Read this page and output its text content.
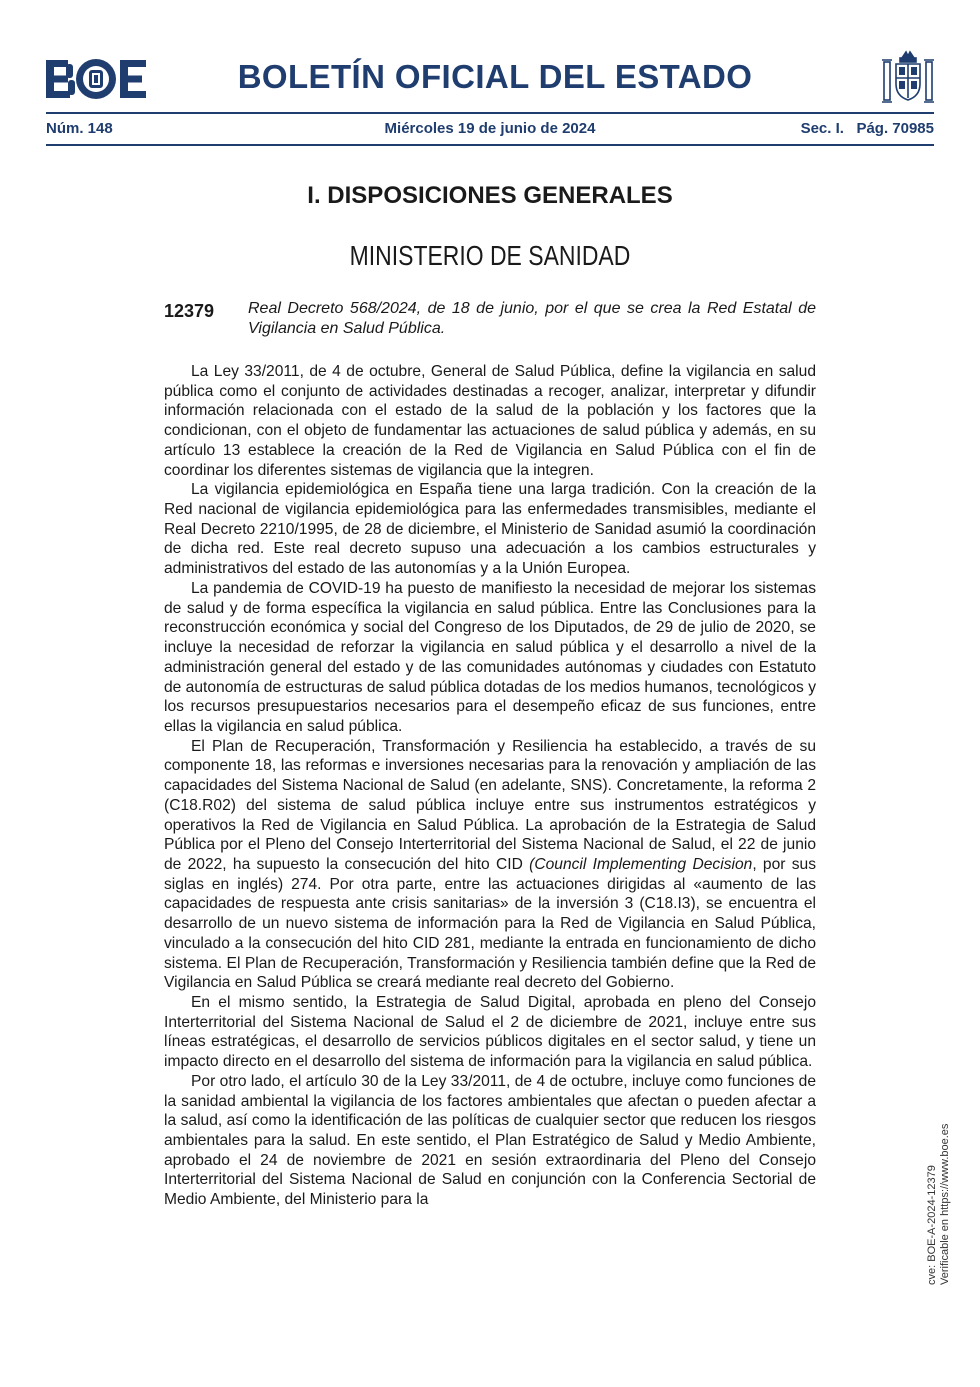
BOLETÍN OFICIAL DEL ESTADO
Núm. 148	Miércoles 19 de junio de 2024	Sec. I.   Pág. 70985
I. DISPOSICIONES GENERALES
MINISTERIO DE SANIDAD
12379 Real Decreto 568/2024, de 18 de junio, por el que se crea la Red Estatal de Vigilancia en Salud Pública.

La Ley 33/2011, de 4 de octubre, General de Salud Pública, define la vigilancia en salud pública como el conjunto de actividades destinadas a recoger, analizar, interpretar y difundir información relacionada con el estado de la salud de la población y los factores que la condicionan, con el objeto de fundamentar las actuaciones de salud pública y además, en su artículo 13 establece la creación de la Red de Vigilancia en Salud Pública con el fin de coordinar los diferentes sistemas de vigilancia que la integren.

La vigilancia epidemiológica en España tiene una larga tradición. Con la creación de la Red nacional de vigilancia epidemiológica para las enfermedades transmisibles, mediante el Real Decreto 2210/1995, de 28 de diciembre, el Ministerio de Sanidad asumió la coordinación de dicha red. Este real decreto supuso una adecuación a los cambios estructurales y administrativos del estado de las autonomías y a la Unión Europea.

La pandemia de COVID-19 ha puesto de manifiesto la necesidad de mejorar los sistemas de salud y de forma específica la vigilancia en salud pública. Entre las Conclusiones para la reconstrucción económica y social del Congreso de los Diputados, de 29 de julio de 2020, se incluye la necesidad de reforzar la vigilancia en salud pública y el desarrollo a nivel de la administración general del estado y de las comunidades autónomas y ciudades con Estatuto de autonomía de estructuras de salud pública dotadas de los medios humanos, tecnológicos y los recursos presupuestarios necesarios para el desempeño eficaz de sus funciones, entre ellas la vigilancia en salud pública.

El Plan de Recuperación, Transformación y Resiliencia ha establecido, a través de su componente 18, las reformas e inversiones necesarias para la renovación y ampliación de las capacidades del Sistema Nacional de Salud (en adelante, SNS). Concretamente, la reforma 2 (C18.R02) del sistema de salud pública incluye entre sus instrumentos estratégicos y operativos la Red de Vigilancia en Salud Pública. La aprobación de la Estrategia de Salud Pública por el Pleno del Consejo Interterritorial del Sistema Nacional de Salud, el 22 de junio de 2022, ha supuesto la consecución del hito CID (Council Implementing Decision, por sus siglas en inglés) 274. Por otra parte, entre las actuaciones dirigidas al «aumento de las capacidades de respuesta ante crisis sanitarias» de la inversión 3 (C18.I3), se encuentra el desarrollo de un nuevo sistema de información para la Red de Vigilancia en Salud Pública, vinculado a la consecución del hito CID 281, mediante la entrada en funcionamiento de dicho sistema. El Plan de Recuperación, Transformación y Resiliencia también define que la Red de Vigilancia en Salud Pública se creará mediante real decreto del Gobierno.

En el mismo sentido, la Estrategia de Salud Digital, aprobada en pleno del Consejo Interterritorial del Sistema Nacional de Salud el 2 de diciembre de 2021, incluye entre sus líneas estratégicas, el desarrollo de servicios públicos digitales en el sector salud, y tiene un impacto directo en el desarrollo del sistema de información para la vigilancia en salud pública.

Por otro lado, el artículo 30 de la Ley 33/2011, de 4 de octubre, incluye como funciones de la sanidad ambiental la vigilancia de los factores ambientales que afectan o pueden afectar a la salud, así como la identificación de las políticas de cualquier sector que reducen los riesgos ambientales para la salud. En este sentido, el Plan Estratégico de Salud y Medio Ambiente, aprobado el 24 de noviembre de 2021 en sesión extraordinaria del Pleno del Consejo Interterritorial del Sistema Nacional de Salud en conjunción con la Conferencia Sectorial de Medio Ambiente, del Ministerio para la	cve: BOE-A-2024-12379 Verificable en https://www.boe.es
